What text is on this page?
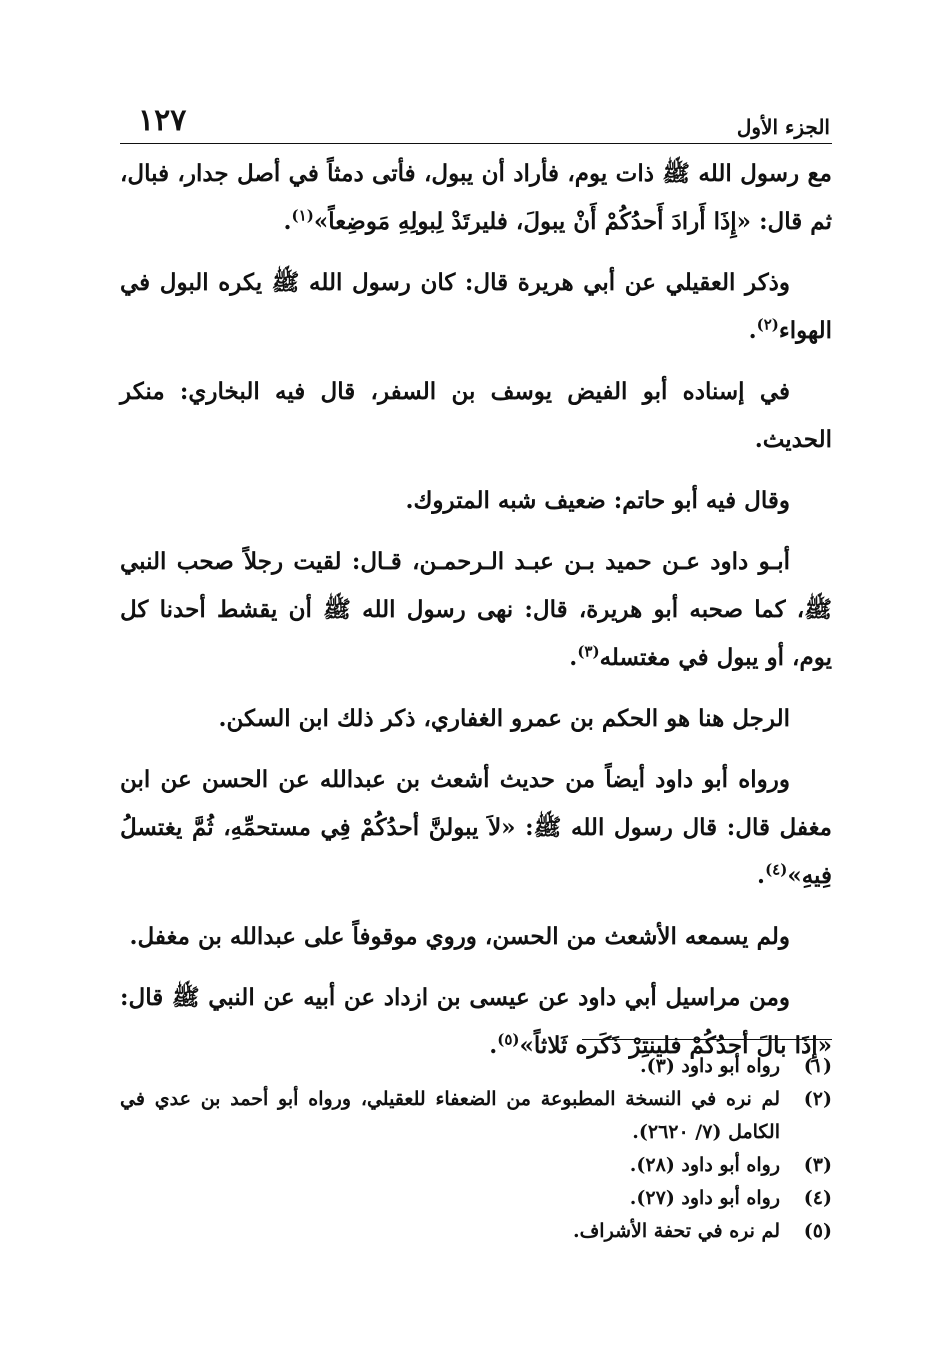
الجزء الأول
١٢٧

مع رسول الله ﷺ ذات يوم، فأراد أن يبول، فأتى دمثاً في أصل جدار، فبال، ثم قال: «إِذَا أَرادَ أَحدُكُمْ أَنْ يبولَ، فليرتَدْ لِبولِهِ مَوضِعاً»$^{(١)}$.

وذكر العقيلي عن أبي هريرة قال: كان رسول الله ﷺ يكره البول في الهواء$^{(٢)}$.

في إسناده أبو الفيض يوسف بن السفر، قال فيه البخاري: منكر الحديث.

وقال فيه أبو حاتم: ضعيف شبه المتروك.

أبـو داود عـن حميد بـن عبـد الـرحمـن، قـال: لقيت رجلاً صحب النبي ﷺ، كما صحبه أبو هريرة، قال: نهى رسول الله ﷺ أن يقشط أحدنا كل يوم، أو يبول في مغتسله$^{(٣)}$.

الرجل هنا هو الحكم بن عمرو الغفاري، ذكر ذلك ابن السكن.

ورواه أبو داود أيضاً من حديث أشعث بن عبدالله عن الحسن عن ابن مغفل قال: قال رسول الله ﷺ: «لاَ يبولنَّ أحدُكُمْ فِي مستحمِّهِ، ثُمَّ يغتسلُ فِيهِ»$^{(٤)}$.

ولم يسمعه الأشعث من الحسن، وروي موقوفاً على عبدالله بن مغفل.

ومن مراسيل أبي داود عن عيسى بن ازداد عن أبيه عن النبي ﷺ قال: «إِذَا بالَ أحدُكُمْ فلينتِرْ ذَكَره ثَلاثاً»$^{(٥)}$.

(١)
رواه أبو داود (٣).
(٢)
لم نره في النسخة المطبوعة من الضعفاء للعقيلي، ورواه أبو أحمد بن عدي في الكامل (٧/ ٢٦٢٠).
(٣)
رواه أبو داود (٢٨).
(٤)
رواه أبو داود (٢٧).
(٥)
لم نره في تحفة الأشراف.
